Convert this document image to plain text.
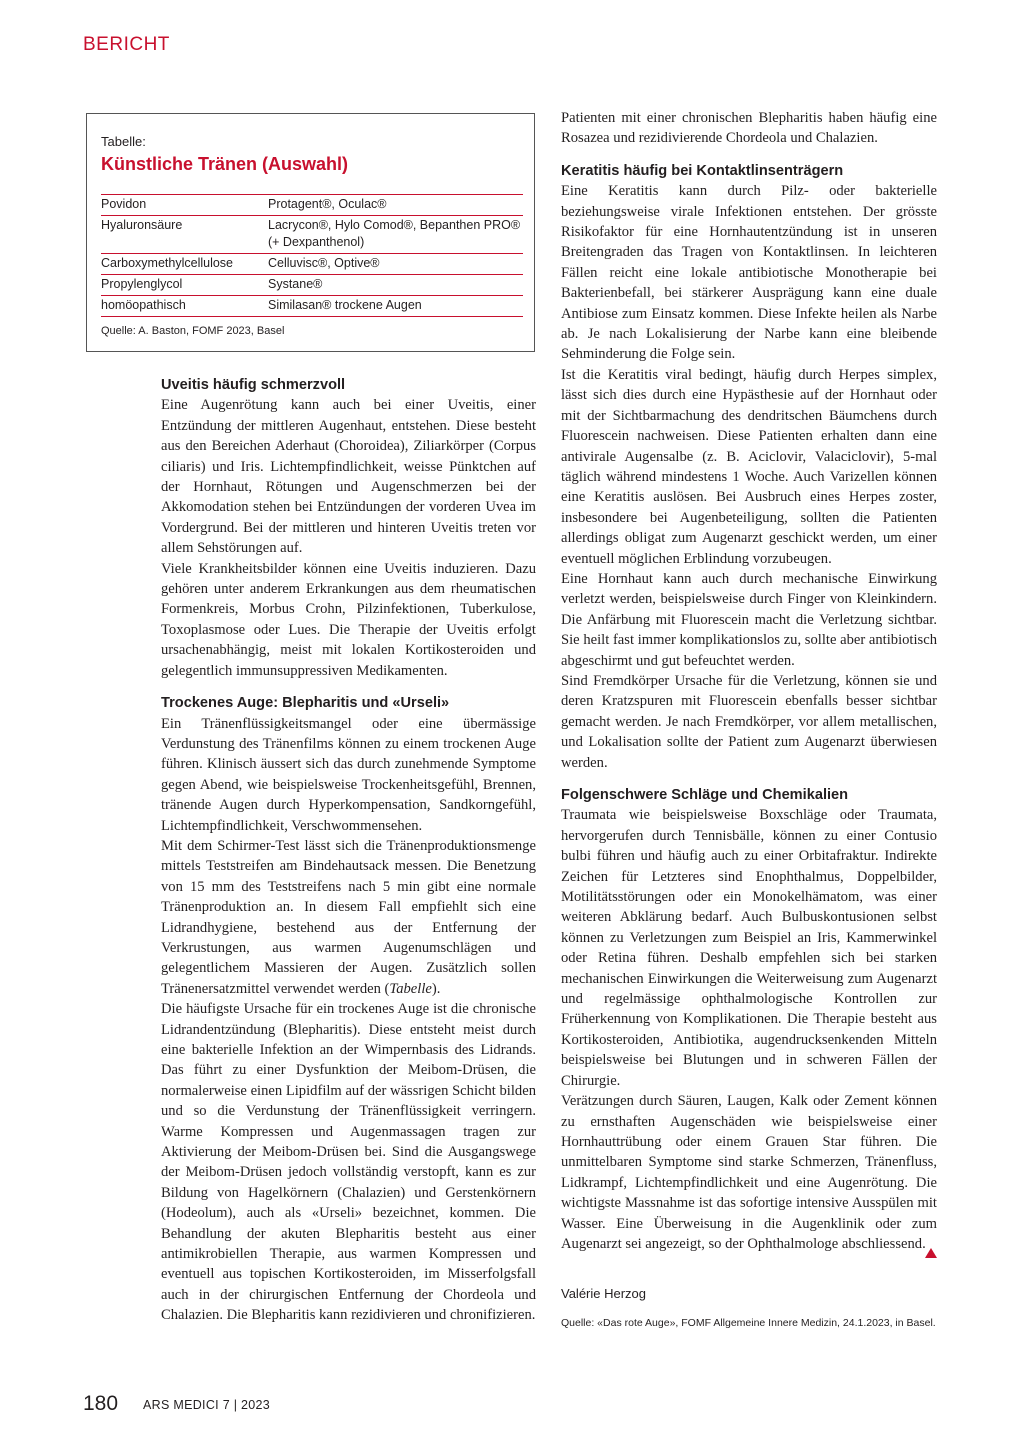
BERICHT
Tabelle:
Künstliche Tränen (Auswahl)
Povidon	Protagent®, Oculac®
Hyaluronsäure	Lacrycon®, Hylo Comod®, Bepanthen PRO® (+ Dexpanthenol)
Carboxymethylcellulose	Celluvisc®, Optive®
Propylenglycol	Systane®
homöopathisch	Similasan® trockene Augen
Quelle: A. Baston, FOMF 2023, Basel
Uveitis häufig schmerzvoll

Eine Augenrötung kann auch bei einer Uveitis, einer Entzündung der mittleren Augenhaut, entstehen. Diese besteht aus den Bereichen Aderhaut (Choroidea), Ziliarkörper (Corpus ciliaris) und Iris. Lichtempfindlichkeit, weisse Pünktchen auf der Hornhaut, Rötungen und Augenschmerzen bei der Akkomodation stehen bei Entzündungen der vorderen Uvea im Vordergrund. Bei der mittleren und hinteren Uveitis treten vor allem Sehstörungen auf.

Viele Krankheitsbilder können eine Uveitis induzieren. Dazu gehören unter anderem Erkrankungen aus dem rheumatischen Formenkreis, Morbus Crohn, Pilzinfektionen, Tuberkulose, Toxoplasmose oder Lues. Die Therapie der Uveitis erfolgt ursachenabhängig, meist mit lokalen Kortikosteroiden und gelegentlich immunsuppressiven Medikamenten.

Trockenes Auge: Blepharitis und «Urseli»

Ein Tränenflüssigkeitsmangel oder eine übermässige Verdunstung des Tränenfilms können zu einem trockenen Auge führen. Klinisch äussert sich das durch zunehmende Symptome gegen Abend, wie beispielsweise Trockenheitsgefühl, Brennen, tränende Augen durch Hyperkompensation, Sandkorngefühl, Lichtempfindlichkeit, Verschwommensehen.

Mit dem Schirmer-Test lässt sich die Tränenproduktionsmenge mittels Teststreifen am Bindehautsack messen. Die Benetzung von 15 mm des Teststreifens nach 5 min gibt eine normale Tränenproduktion an. In diesem Fall empfiehlt sich eine Lidrandhygiene, bestehend aus der Entfernung der Verkrustungen, aus warmen Augenumschlägen und gelegentlichem Massieren der Augen. Zusätzlich sollen Tränenersatzmittel verwendet werden (Tabelle).

Die häufigste Ursache für ein trockenes Auge ist die chronische Lidrandentzündung (Blepharitis). Diese entsteht meist durch eine bakterielle Infektion an der Wimpernbasis des Lidrands. Das führt zu einer Dysfunktion der Meibom-Drüsen, die normalerweise einen Lipidfilm auf der wässrigen Schicht bilden und so die Verdunstung der Tränenflüssigkeit verringern. Warme Kompressen und Augenmassagen tragen zur Aktivierung der Meibom-Drüsen bei. Sind die Ausgangswege der Meibom-Drüsen jedoch vollständig verstopft, kann es zur Bildung von Hagelkörnern (Chalazien) und Gerstenkörnern (Hodeolum), auch als «Urseli» bezeichnet, kommen. Die Behandlung der akuten Blepharitis besteht aus einer antimikrobiellen Therapie, aus warmen Kompressen und eventuell aus topischen Kortikosteroiden, im Misserfolgsfall auch in der chirurgischen Entfernung der Chordeola und Chalazien. Die Blepharitis kann rezidivieren und chronifizieren.

Patienten mit einer chronischen Blepharitis haben häufig eine Rosazea und rezidivierende Chordeola und Chalazien.

Keratitis häufig bei Kontaktlinsenträgern

Eine Keratitis kann durch Pilz- oder bakterielle beziehungsweise virale Infektionen entstehen. Der grösste Risikofaktor für eine Hornhautentzündung ist in unseren Breitengraden das Tragen von Kontaktlinsen. In leichteren Fällen reicht eine lokale antibiotische Monotherapie bei Bakterienbefall, bei stärkerer Ausprägung kann eine duale Antibiose zum Einsatz kommen. Diese Infekte heilen als Narbe ab. Je nach Lokalisierung der Narbe kann eine bleibende Sehminderung die Folge sein.

Ist die Keratitis viral bedingt, häufig durch Herpes simplex, lässt sich dies durch eine Hypästhesie auf der Hornhaut oder mit der Sichtbarmachung des dendritschen Bäumchens durch Fluorescein nachweisen. Diese Patienten erhalten dann eine antivirale Augensalbe (z. B. Aciclovir, Valaciclovir), 5-mal täglich während mindestens 1 Woche. Auch Varizellen können eine Keratitis auslösen. Bei Ausbruch eines Herpes zoster, insbesondere bei Augenbeteiligung, sollten die Patienten allerdings obligat zum Augenarzt geschickt werden, um einer eventuell möglichen Erblindung vorzubeugen.

Eine Hornhaut kann auch durch mechanische Einwirkung verletzt werden, beispielsweise durch Finger von Kleinkindern. Die Anfärbung mit Fluorescein macht die Verletzung sichtbar. Sie heilt fast immer komplikationslos zu, sollte aber antibiotisch abgeschirmt und gut befeuchtet werden.

Sind Fremdkörper Ursache für die Verletzung, können sie und deren Kratzspuren mit Fluorescein ebenfalls besser sichtbar gemacht werden. Je nach Fremdkörper, vor allem metallischen, und Lokalisation sollte der Patient zum Augenarzt überwiesen werden.

Folgenschwere Schläge und Chemikalien

Traumata wie beispielsweise Boxschläge oder Traumata, hervorgerufen durch Tennisbälle, können zu einer Contusio bulbi führen und häufig auch zu einer Orbitafraktur. Indirekte Zeichen für Letzteres sind Enophthalmus, Doppelbilder, Motilitätsstörungen oder ein Monokelhämatom, was einer weiteren Abklärung bedarf. Auch Bulbuskontusionen selbst können zu Verletzungen zum Beispiel an Iris, Kammerwinkel oder Retina führen. Deshalb empfehlen sich bei starken mechanischen Einwirkungen die Weiterweisung zum Augenarzt und regelmässige ophthalmologische Kontrollen zur Früherkennung von Komplikationen. Die Therapie besteht aus Kortikosteroiden, Antibiotika, augendrucksenkenden Mitteln beispielsweise bei Blutungen und in schweren Fällen der Chirurgie.

Verätzungen durch Säuren, Laugen, Kalk oder Zement können zu ernsthaften Augenschäden wie beispielsweise einer Hornhauttrübung oder einem Grauen Star führen. Die unmittelbaren Symptome sind starke Schmerzen, Tränenfluss, Lidkrampf, Lichtempfindlichkeit und eine Augenrötung. Die wichtigste Massnahme ist das sofortige intensive Ausspülen mit Wasser. Eine Überweisung in die Augenklinik oder zum Augenarzt sei angezeigt, so der Ophthalmologe abschliessend.

Valérie Herzog
Quelle: «Das rote Auge», FOMF Allgemeine Innere Medizin, 24.1.2023, in Basel.
180 ARS MEDICI 7 | 2023
